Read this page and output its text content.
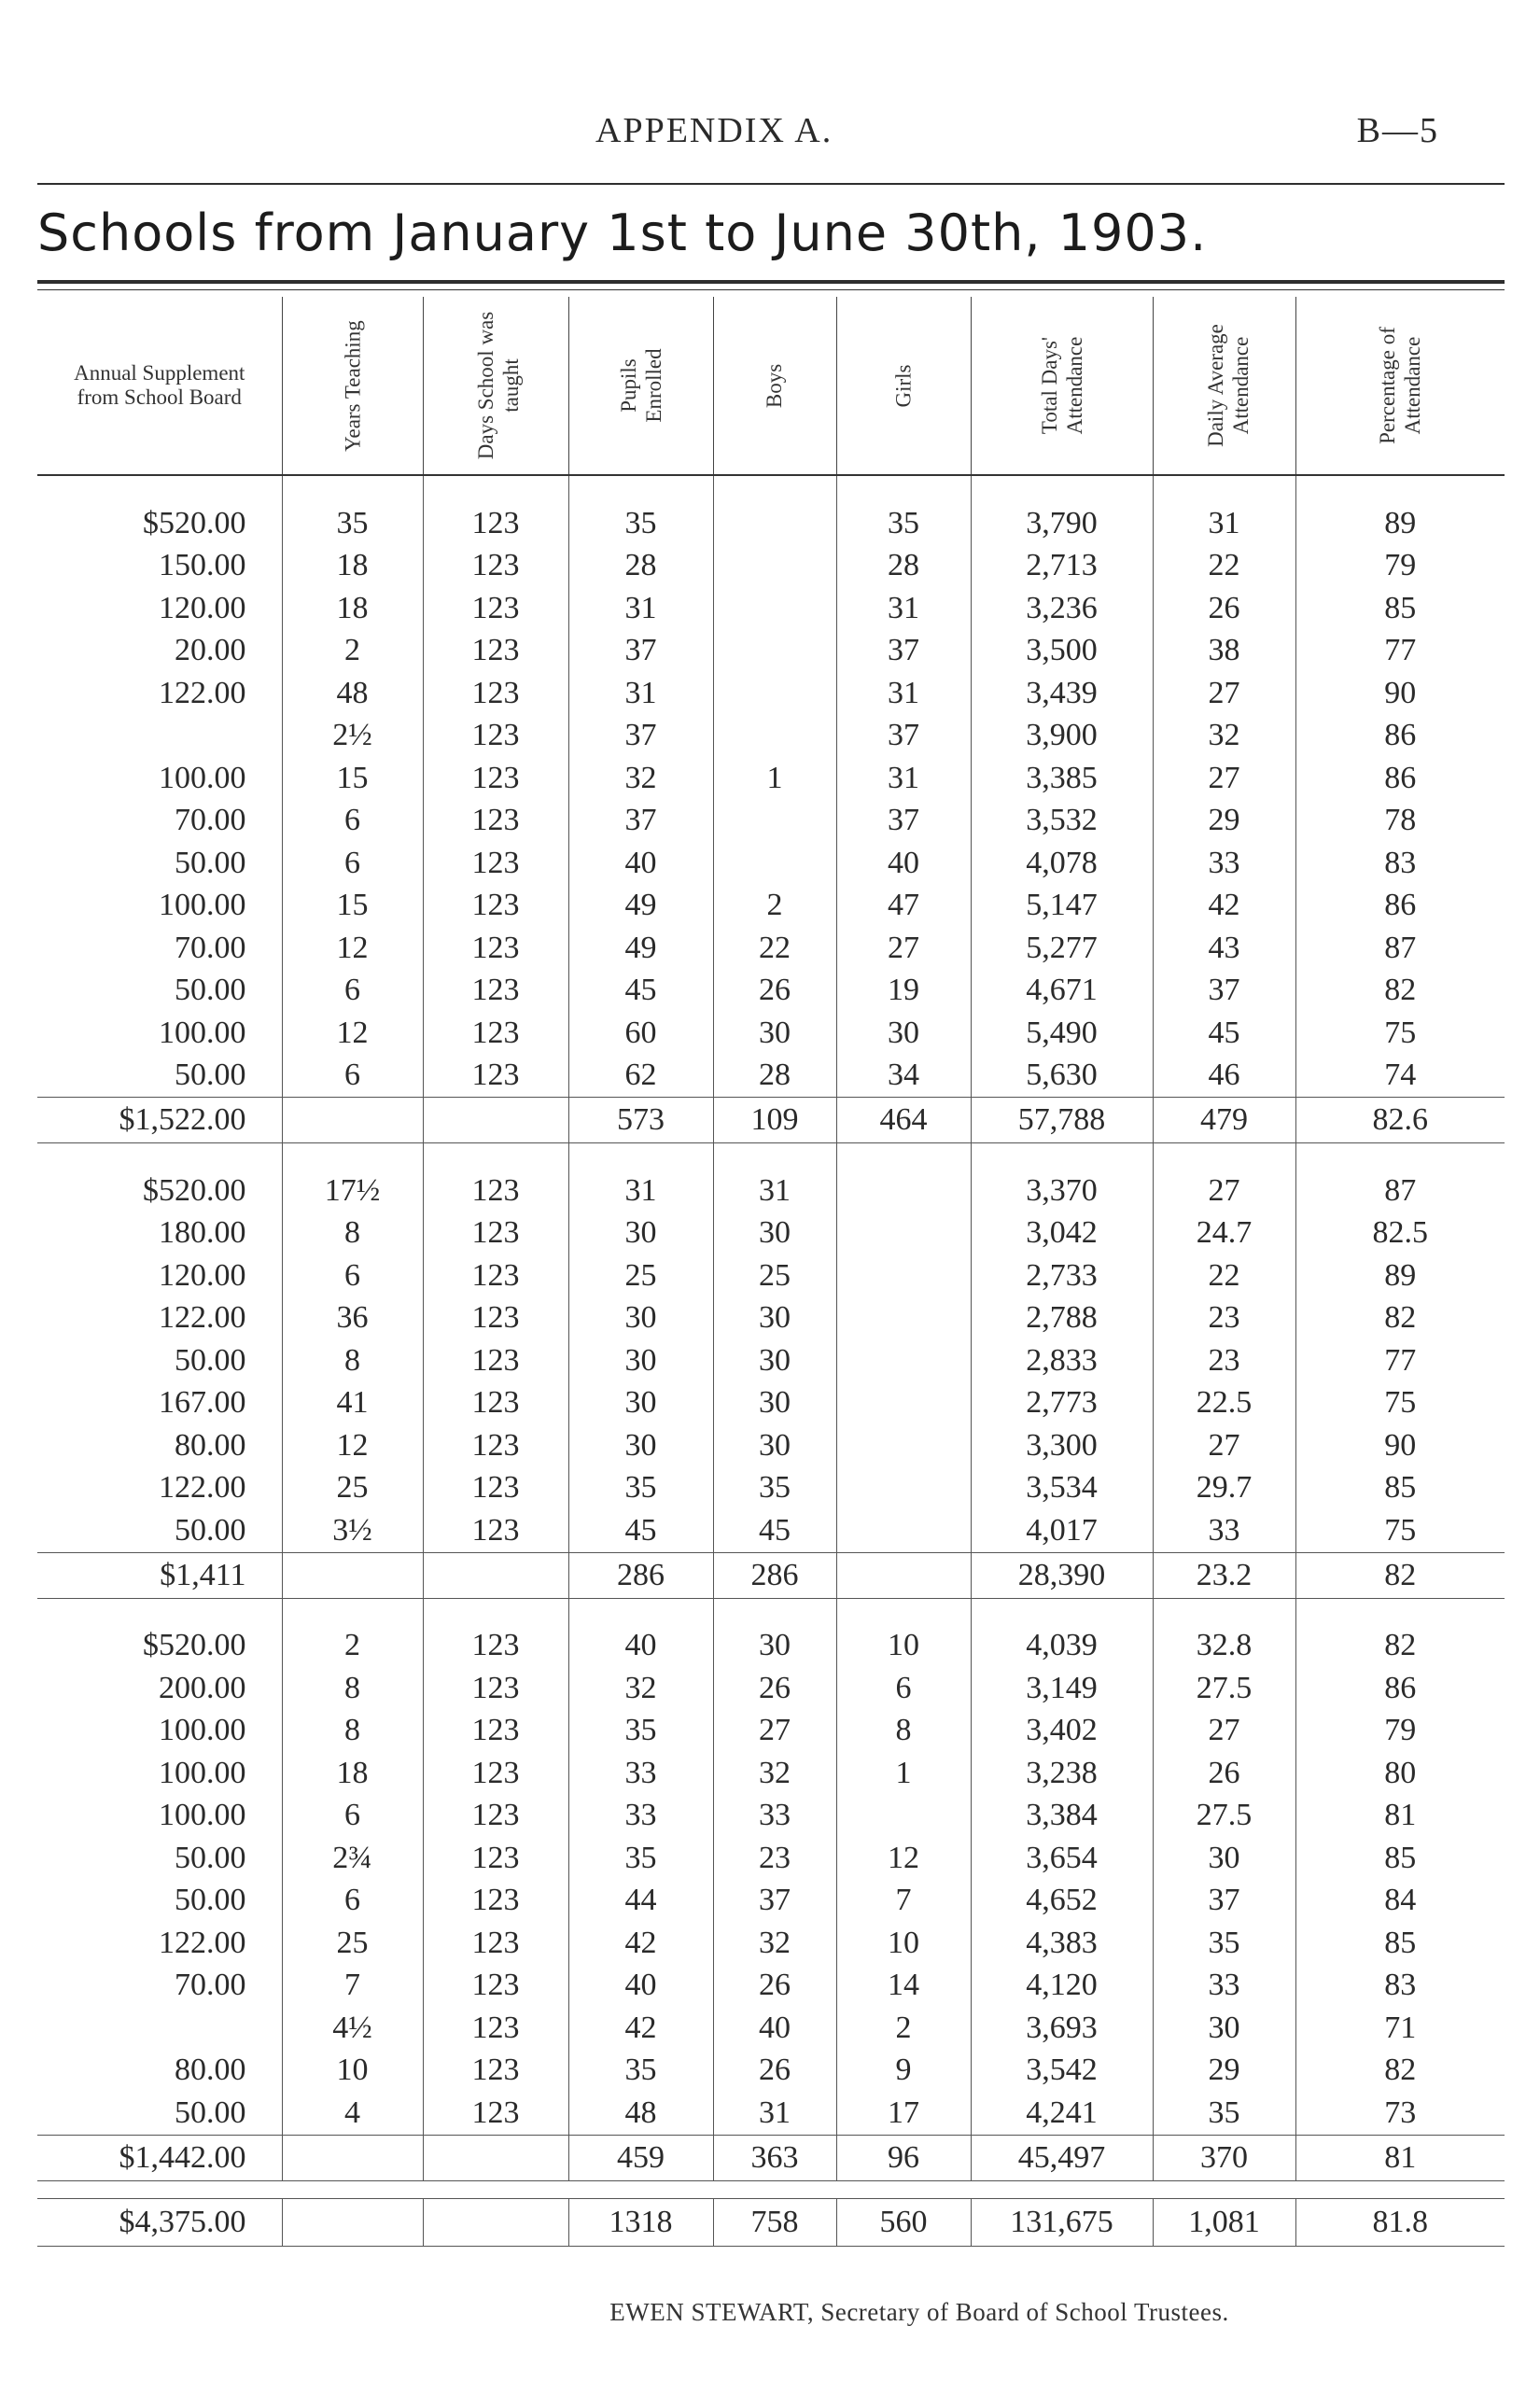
APPENDIX A.	B—5
Schools from January 1st to June 30th, 1903.
Annual Supplement from School Board	Years Teaching	Days School was taught	Pupils Enrolled	Boys	Girls	Total Days' Attendance	Daily Average Attendance	Percentage of Attendance

$520.00	35	123	35		35	3,790	31	89
150.00	18	123	28		28	2,713	22	79
120.00	18	123	31		31	3,236	26	85
20.00	2	123	37		37	3,500	38	77
122.00	48	123	31		31	3,439	27	90
	2½	123	37		37	3,900	32	86
100.00	15	123	32	1	31	3,385	27	86
70.00	6	123	37		37	3,532	29	78
50.00	6	123	40		40	4,078	33	83
100.00	15	123	49	2	47	5,147	42	86
70.00	12	123	49	22	27	5,277	43	87
50.00	6	123	45	26	19	4,671	37	82
100.00	12	123	60	30	30	5,490	45	75
50.00	6	123	62	28	34	5,630	46	74
$1,522.00			573	109	464	57,788	479	82.6

$520.00	17½	123	31	31		3,370	27	87
180.00	8	123	30	30		3,042	24.7	82.5
120.00	6	123	25	25		2,733	22	89
122.00	36	123	30	30		2,788	23	82
50.00	8	123	30	30		2,833	23	77
167.00	41	123	30	30		2,773	22.5	75
80.00	12	123	30	30		3,300	27	90
122.00	25	123	35	35		3,534	29.7	85
50.00	3½	123	45	45		4,017	33	75
$1,411			286	286		28,390	23.2	82

$520.00	2	123	40	30	10	4,039	32.8	82
200.00	8	123	32	26	6	3,149	27.5	86
100.00	8	123	35	27	8	3,402	27	79
100.00	18	123	33	32	1	3,238	26	80
100.00	6	123	33	33		3,384	27.5	81
50.00	2¾	123	35	23	12	3,654	30	85
50.00	6	123	44	37	7	4,652	37	84
122.00	25	123	42	32	10	4,383	35	85
70.00	7	123	40	26	14	4,120	33	83
	4½	123	42	40	2	3,693	30	71
80.00	10	123	35	26	9	3,542	29	82
50.00	4	123	48	31	17	4,241	35	73
$1,442.00			459	363	96	45,497	370	81

$4,375.00			1318	758	560	131,675	1,081	81.8
EWEN STEWART, Secretary of Board of School Trustees.
